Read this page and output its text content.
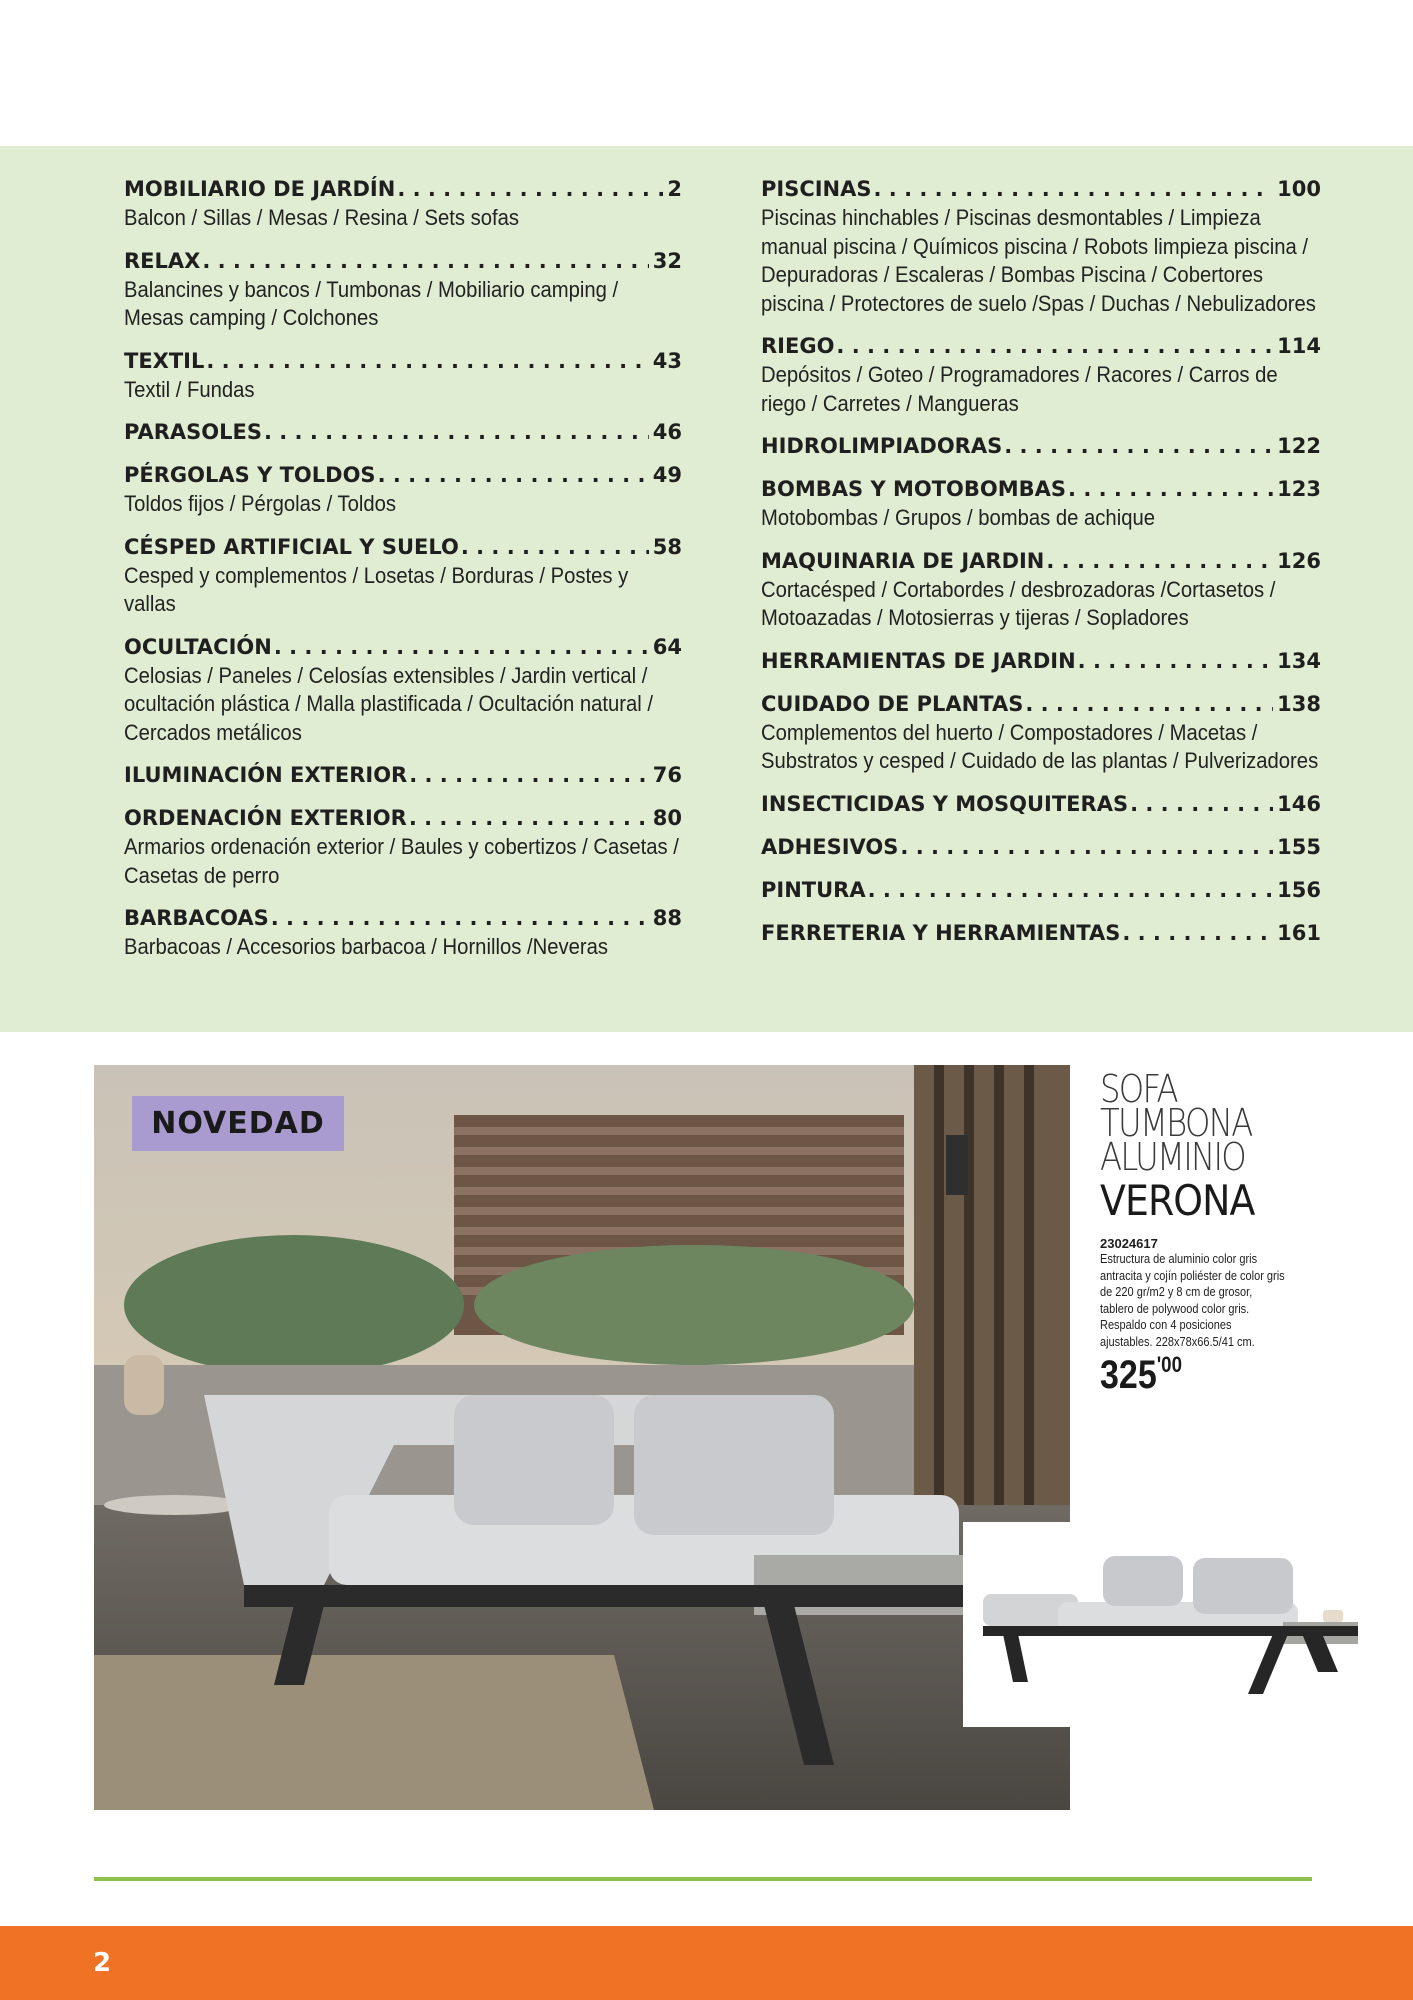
MOBILIARIO DE JARDÍN . . .	2
Balcon / Sillas / Mesas / Resina / Sets sofas
RELAX . . .	32
Balancines y bancos / Tumbonas / Mobiliario camping / Mesas camping / Colchones
TEXTIL . . .	43
Textil / Fundas
PARASOLES . . .	46
PÉRGOLAS Y TOLDOS . . .	49
Toldos fijos / Pérgolas / Toldos
CÉSPED ARTIFICIAL Y SUELO . . .	58
Cesped y complementos / Losetas / Borduras / Postes y vallas
OCULTACIÓN . . .	64
Celosias / Paneles / Celosías extensibles / Jardin vertical / ocultación plástica / Malla plastificada / Ocultación natural / Cercados metálicos
ILUMINACIÓN EXTERIOR . . .	76
ORDENACIÓN EXTERIOR . . .	80
Armarios ordenación exterior / Baules y cobertizos / Casetas / Casetas de perro
BARBACOAS . . .	88
Barbacoas / Accesorios barbacoa / Hornillos /Neveras
PISCINAS . . .	100
Piscinas hinchables / Piscinas desmontables / Limpieza manual piscina / Químicos piscina / Robots limpieza piscina / Depuradoras / Escaleras / Bombas Piscina / Cobertores piscina / Protectores de suelo /Spas / Duchas / Nebulizadores
RIEGO . . .	114
Depósitos / Goteo / Programadores / Racores / Carros de riego / Carretes / Mangueras
HIDROLIMPIADORAS . . .	122
BOMBAS Y MOTOBOMBAS . . .	123
Motobombas / Grupos / bombas de achique
MAQUINARIA DE JARDIN . . .	126
Cortacésped / Cortabordes / desbrozadoras /Cortasetos / Motoazadas / Motosierras y tijeras / Sopladores
HERRAMIENTAS DE JARDIN . . .	134
CUIDADO DE PLANTAS . . .	138
Complementos del huerto / Compostadores / Macetas / Substratos y cesped / Cuidado de las plantas / Pulverizadores
INSECTICIDAS Y MOSQUITERAS . . .	146
ADHESIVOS . . .	155
PINTURA . . .	156
FERRETERIA Y HERRAMIENTAS . . .	161
NOVEDAD
SOFA
TUMBONA
ALUMINIO
VERONA
23024617
Estructura de aluminio color gris antracita y cojín poliéster de color gris de 220 gr/m2 y 8 cm de grosor, tablero de polywood color gris. Respaldo con 4 posiciones ajustables. 228x78x66.5/41 cm.
325'00
2
